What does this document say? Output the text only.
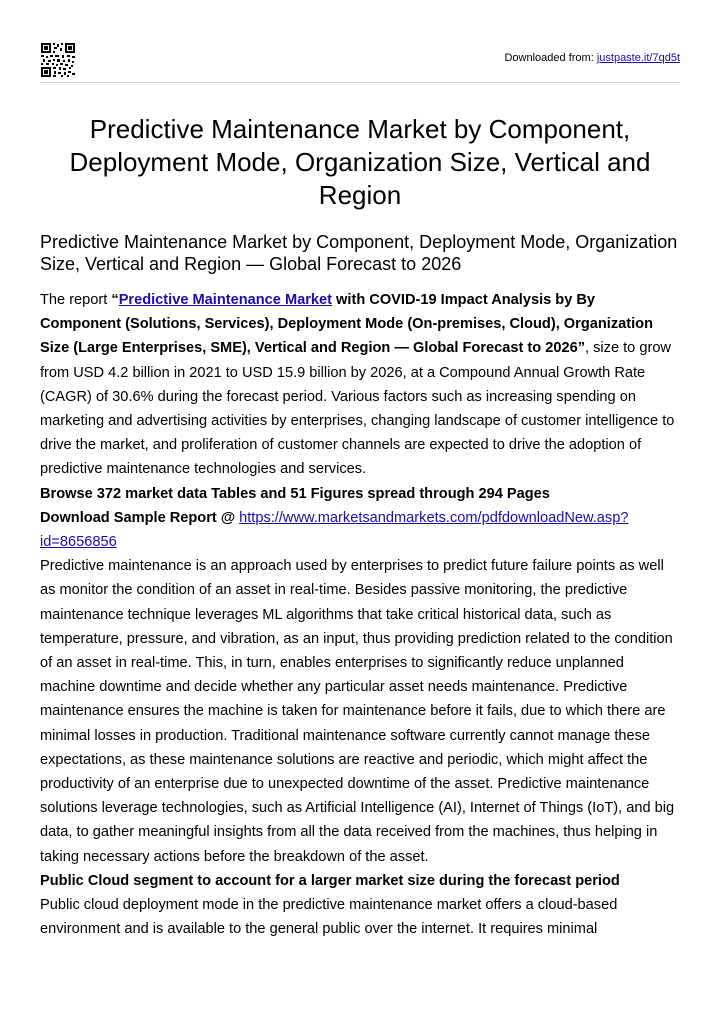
Downloaded from: justpaste.it/7qd5t
Predictive Maintenance Market by Component, Deployment Mode, Organization Size, Vertical and Region
Predictive Maintenance Market by Component, Deployment Mode, Organization Size, Vertical and Region — Global Forecast to 2026

The report “Predictive Maintenance Market with COVID-19 Impact Analysis by By Component (Solutions, Services), Deployment Mode (On-premises, Cloud), Organization Size (Large Enterprises, SME), Vertical and Region — Global Forecast to 2026”, size to grow from USD 4.2 billion in 2021 to USD 15.9 billion by 2026, at a Compound Annual Growth Rate (CAGR) of 30.6% during the forecast period. Various factors such as increasing spending on marketing and advertising activities by enterprises, changing landscape of customer intelligence to drive the market, and proliferation of customer channels are expected to drive the adoption of predictive maintenance technologies and services.

Browse 372 market data Tables and 51 Figures spread through 294 Pages

Download Sample Report @ https://www.marketsandmarkets.com/pdfdownloadNew.asp?
id=8656856

Predictive maintenance is an approach used by enterprises to predict future failure points as well as monitor the condition of an asset in real-time. Besides passive monitoring, the predictive maintenance technique leverages ML algorithms that take critical historical data, such as temperature, pressure, and vibration, as an input, thus providing prediction related to the condition of an asset in real-time. This, in turn, enables enterprises to significantly reduce unplanned machine downtime and decide whether any particular asset needs maintenance. Predictive maintenance ensures the machine is taken for maintenance before it fails, due to which there are minimal losses in production. Traditional maintenance software currently cannot manage these expectations, as these maintenance solutions are reactive and periodic, which might affect the productivity of an enterprise due to unexpected downtime of the asset. Predictive maintenance solutions leverage technologies, such as Artificial Intelligence (AI), Internet of Things (IoT), and big data, to gather meaningful insights from all the data received from the machines, thus helping in taking necessary actions before the breakdown of the asset.

Public Cloud segment to account for a larger market size during the forecast period

Public cloud deployment mode in the predictive maintenance market offers a cloud-based environment and is available to the general public over the internet. It requires minimal
